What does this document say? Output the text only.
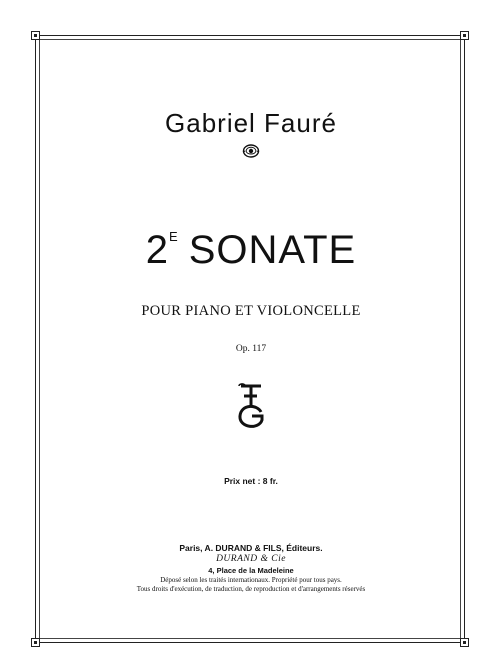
Gabriel Fauré
$2^E$ SONATE
POUR PIANO ET VIOLONCELLE
Op. 117
Prix net : 8 fr.
Paris, A. DURAND & FILS, Éditeurs.
DURAND & Cie
4, Place de la Madeleine
Déposé selon les traités internationaux. Propriété pour tous pays.
Tous droits d'exécution, de traduction, de reproduction et d'arrangements réservés
